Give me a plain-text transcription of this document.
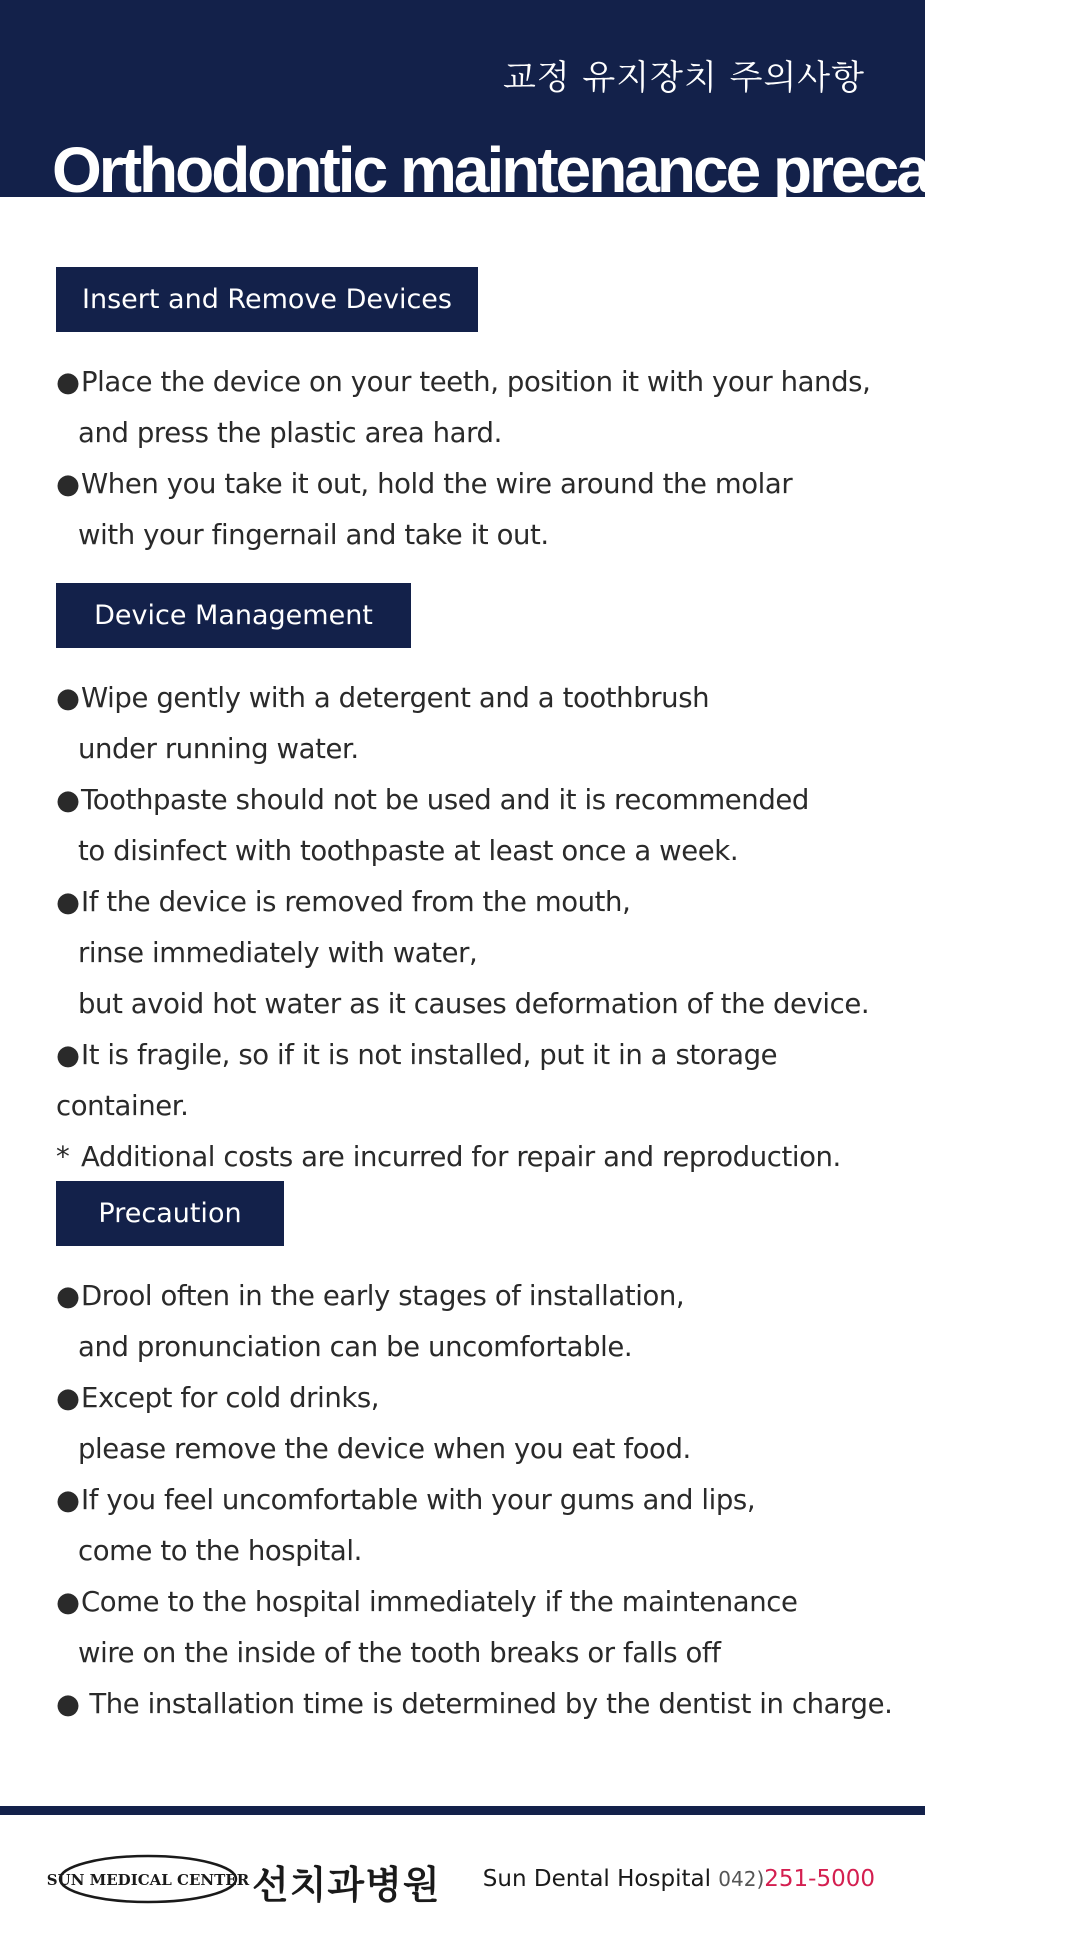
교정 유지장치 주의사항
Orthodontic maintenance precaution
Insert and Remove Devices
●Place the device on your teeth, position it with your hands,
and press the plastic area hard.
●When you take it out, hold the wire around the molar
with your fingernail and take it out.
Device Management
●Wipe gently with a detergent and a toothbrush
under running water.
●Toothpaste should not be used and it is recommended
to disinfect with toothpaste at least once a week.
●If the device is removed from the mouth,
rinse immediately with water,
but avoid hot water as it causes deformation of the device.
●It is fragile, so if it is not installed, put it in a storage container.
* Additional costs are incurred for repair and reproduction.
Precaution
●Drool often in the early stages of installation,
and pronunciation can be uncomfortable.
●Except for cold drinks,
please remove the device when you eat food.
●If you feel uncomfortable with your gums and lips,
come to the hospital.
●Come to the hospital immediately if the maintenance
wire on the inside of the tooth breaks or falls off
● The installation time is determined by the dentist in charge.
SUN MEDICAL CENTER 선치과병원 Sun Dental Hospital 042)251-5000
